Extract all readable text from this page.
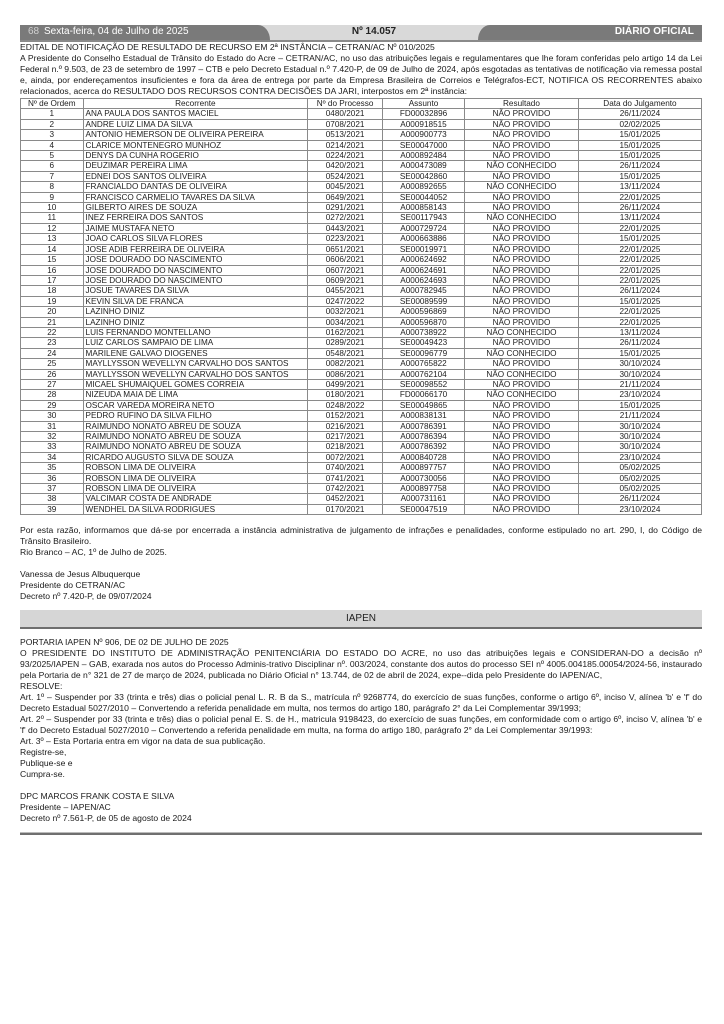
68 Sexta-feira, 04 de Julho de 2025	Nº 14.057	DIÁRIO OFICIAL

EDITAL DE NOTIFICAÇÃO DE RESULTADO DE RECURSO EM 2ª INSTÂNCIA – CETRAN/AC Nº 010/2025

A Presidente do Conselho Estadual de Trânsito do Estado do Acre – CETRAN/AC, no uso das atribuições legais e regulamentares que lhe foram conferidas pelo artigo 14 da Lei Federal n.º 9.503, de 23 de setembro de 1997 – CTB e pelo Decreto Estadual n.º 7.420-P, de 09 de Julho de 2024, após esgotadas as tentativas de notificação via remessa postal e, ainda, por endereçamentos insuficientes e fora da área de entrega por parte da Empresa Brasileira de Correios e Telégrafos-ECT, NOTIFICA OS RECORRENTES abaixo relacionados, acerca do RESULTADO DOS RECURSOS CONTRA DECISÕES DA JARI, interpostos em 2ª instância:

Nº de Ordem	Recorrente	Nº do Processo	Assunto	Resultado	Data do Julgamento
1	ANA PAULA DOS SANTOS MACIEL	0480/2021	FD00032896	NÃO PROVIDO	26/11/2024
2	ANDRE LUIZ LIMA DA SILVA	0708/2021	A000918515	NÃO PROVIDO	02/02/2025
3	ANTONIO HEMERSON DE OLIVEIRA PEREIRA	0513/2021	A000900773	NÃO PROVIDO	15/01/2025
4	CLARICE MONTENEGRO MUNHOZ	0214/2021	SE00047000	NÃO PROVIDO	15/01/2025
5	DENYS DA CUNHA ROGERIO	0224/2021	A000892484	NÃO PROVIDO	15/01/2025
6	DEUZIMAR PEREIRA LIMA	0420/2021	A000473089	NÃO CONHECIDO	26/11/2024
7	EDNEI DOS SANTOS OLIVEIRA	0524/2021	SE00042860	NÃO PROVIDO	15/01/2025
8	FRANCIALDO DANTAS DE OLIVEIRA	0045/2021	A000892655	NÃO CONHECIDO	13/11/2024
9	FRANCISCO CARMELIO TAVARES DA SILVA	0649/2021	SE00044052	NÃO PROVIDO	22/01/2025
10	GILBERTO AIRES DE SOUZA	0291/2021	A000858143	NÃO PROVIDO	26/11/2024
11	INEZ FERREIRA DOS SANTOS	0272/2021	SE00117943	NÃO CONHECIDO	13/11/2024
12	JAIME MUSTAFA NETO	0443/2021	A000729724	NÃO PROVIDO	22/01/2025
13	JOAO CARLOS SILVA FLORES	0223/2021	A000663886	NÃO PROVIDO	15/01/2025
14	JOSE ADIB FERREIRA DE OLIVEIRA	0651/2021	SE00019971	NÃO PROVIDO	22/01/2025
15	JOSE DOURADO DO NASCIMENTO	0606/2021	A000624692	NÃO PROVIDO	22/01/2025
16	JOSE DOURADO DO NASCIMENTO	0607/2021	A000624691	NÃO PROVIDO	22/01/2025
17	JOSE DOURADO DO NASCIMENTO	0609/2021	A000624693	NÃO PROVIDO	22/01/2025
18	JOSUE TAVARES DA SILVA	0455/2021	A000782945	NÃO PROVIDO	26/11/2024
19	KEVIN SILVA DE FRANCA	0247/2022	SE00089599	NÃO PROVIDO	15/01/2025
20	LAZINHO DINIZ	0032/2021	A000596869	NÃO PROVIDO	22/01/2025
21	LAZINHO DINIZ	0034/2021	A000596870	NÃO PROVIDO	22/01/2025
22	LUIS FERNANDO MONTELLANO	0162/2021	A000738922	NÃO CONHECIDO	13/11/2024
23	LUIZ CARLOS SAMPAIO DE LIMA	0289/2021	SE00049423	NÃO PROVIDO	26/11/2024
24	MARILENE GALVAO DIOGENES	0548/2021	SE00096779	NÃO CONHECIDO	15/01/2025
25	MAYLLYSSON WEVELLYN CARVALHO DOS SANTOS	0082/2021	A000765822	NÃO PROVIDO	30/10/2024
26	MAYLLYSSON WEVELLYN CARVALHO DOS SANTOS	0086/2021	A000762104	NÃO CONHECIDO	30/10/2024
27	MICAEL SHUMAIQUEL GOMES CORREIA	0499/2021	SE00098552	NÃO PROVIDO	21/11/2024
28	NIZEUDA MAIA DE LIMA	0180/2021	FD00066170	NÃO CONHECIDO	23/10/2024
29	OSCAR VAREDA MOREIRA NETO	0248/2022	SE00049865	NÃO PROVIDO	15/01/2025
30	PEDRO RUFINO DA SILVA FILHO	0152/2021	A000838131	NÃO PROVIDO	21/11/2024
31	RAIMUNDO NONATO ABREU DE SOUZA	0216/2021	A000786391	NÃO PROVIDO	30/10/2024
32	RAIMUNDO NONATO ABREU DE SOUZA	0217/2021	A000786394	NÃO PROVIDO	30/10/2024
33	RAIMUNDO NONATO ABREU DE SOUZA	0218/2021	A000786392	NÃO PROVIDO	30/10/2024
34	RICARDO AUGUSTO SILVA DE SOUZA	0072/2021	A000840728	NÃO PROVIDO	23/10/2024
35	ROBSON LIMA DE OLIVEIRA	0740/2021	A000897757	NÃO PROVIDO	05/02/2025
36	ROBSON LIMA DE OLIVEIRA	0741/2021	A000730056	NÃO PROVIDO	05/02/2025
37	ROBSON LIMA DE OLIVEIRA	0742/2021	A000897758	NÃO PROVIDO	05/02/2025
38	VALCIMAR COSTA DE ANDRADE	0452/2021	A000731161	NÃO PROVIDO	26/11/2024
39	WENDHEL DA SILVA RODRIGUES	0170/2021	SE00047519	NÃO PROVIDO	23/10/2024

Por esta razão, informamos que dá-se por encerrada a instância administrativa de julgamento de infrações e penalidades, conforme estipulado no art. 290, I, do Código de Trânsito Brasileiro.

Rio Branco – AC, 1º de Julho de 2025.

Vanessa de Jesus Albuquerque

Presidente do CETRAN/AC

Decreto nº 7.420-P, de 09/07/2024

IAPEN

PORTARIA IAPEN Nº 906, DE 02 DE JULHO DE 2025

O PRESIDENTE DO INSTITUTO DE ADMINISTRAÇÃO PENITENCIÁRIA DO ESTADO DO ACRE, no uso das atribuições legais e CONSIDERAN-DO a decisão nº 93/2025/IAPEN – GAB, exarada nos autos do Processo Adminis-trativo Disciplinar nº. 003/2024, constante dos autos do processo SEI nº 4005.004185.00054/2024-56, instaurado pela Portaria de n° 321 de 27 de março de 2024, publicada no Diário Oficial n° 13.744, de 02 de abril de 2024, expe--dida pelo Presidente do IAPEN/AC,

RESOLVE:

Art. 1º – Suspender por 33 (trinta e três) dias o policial penal L. R. B da S., matrícula nº 9268774, do exercício de suas funções, conforme o artigo 6º, inciso V, alínea 'b' e 'f' do Decreto Estadual 5027/2010 – Convertendo a referida penalidade em multa, nos termos do artigo 180, parágrafo 2° da Lei Complementar 39/1993;

Art. 2º – Suspender por 33 (trinta e três) dias o policial penal E. S. de H., matricula 9198423, do exercício de suas funções, em conformidade com o artigo 6º, inciso V, alínea 'b' e 'f' do Decreto Estadual 5027/2010 – Convertendo a referida penalidade em multa, na forma do artigo 180, parágrafo 2° da Lei Complementar 39/1993:

Art. 3º – Esta Portaria entra em vigor na data de sua publicação.

Registre-se,

Publique-se e

Cumpra-se.

DPC MARCOS FRANK COSTA E SILVA

Presidente – IAPEN/AC

Decreto nº 7.561-P, de 05 de agosto de 2024
